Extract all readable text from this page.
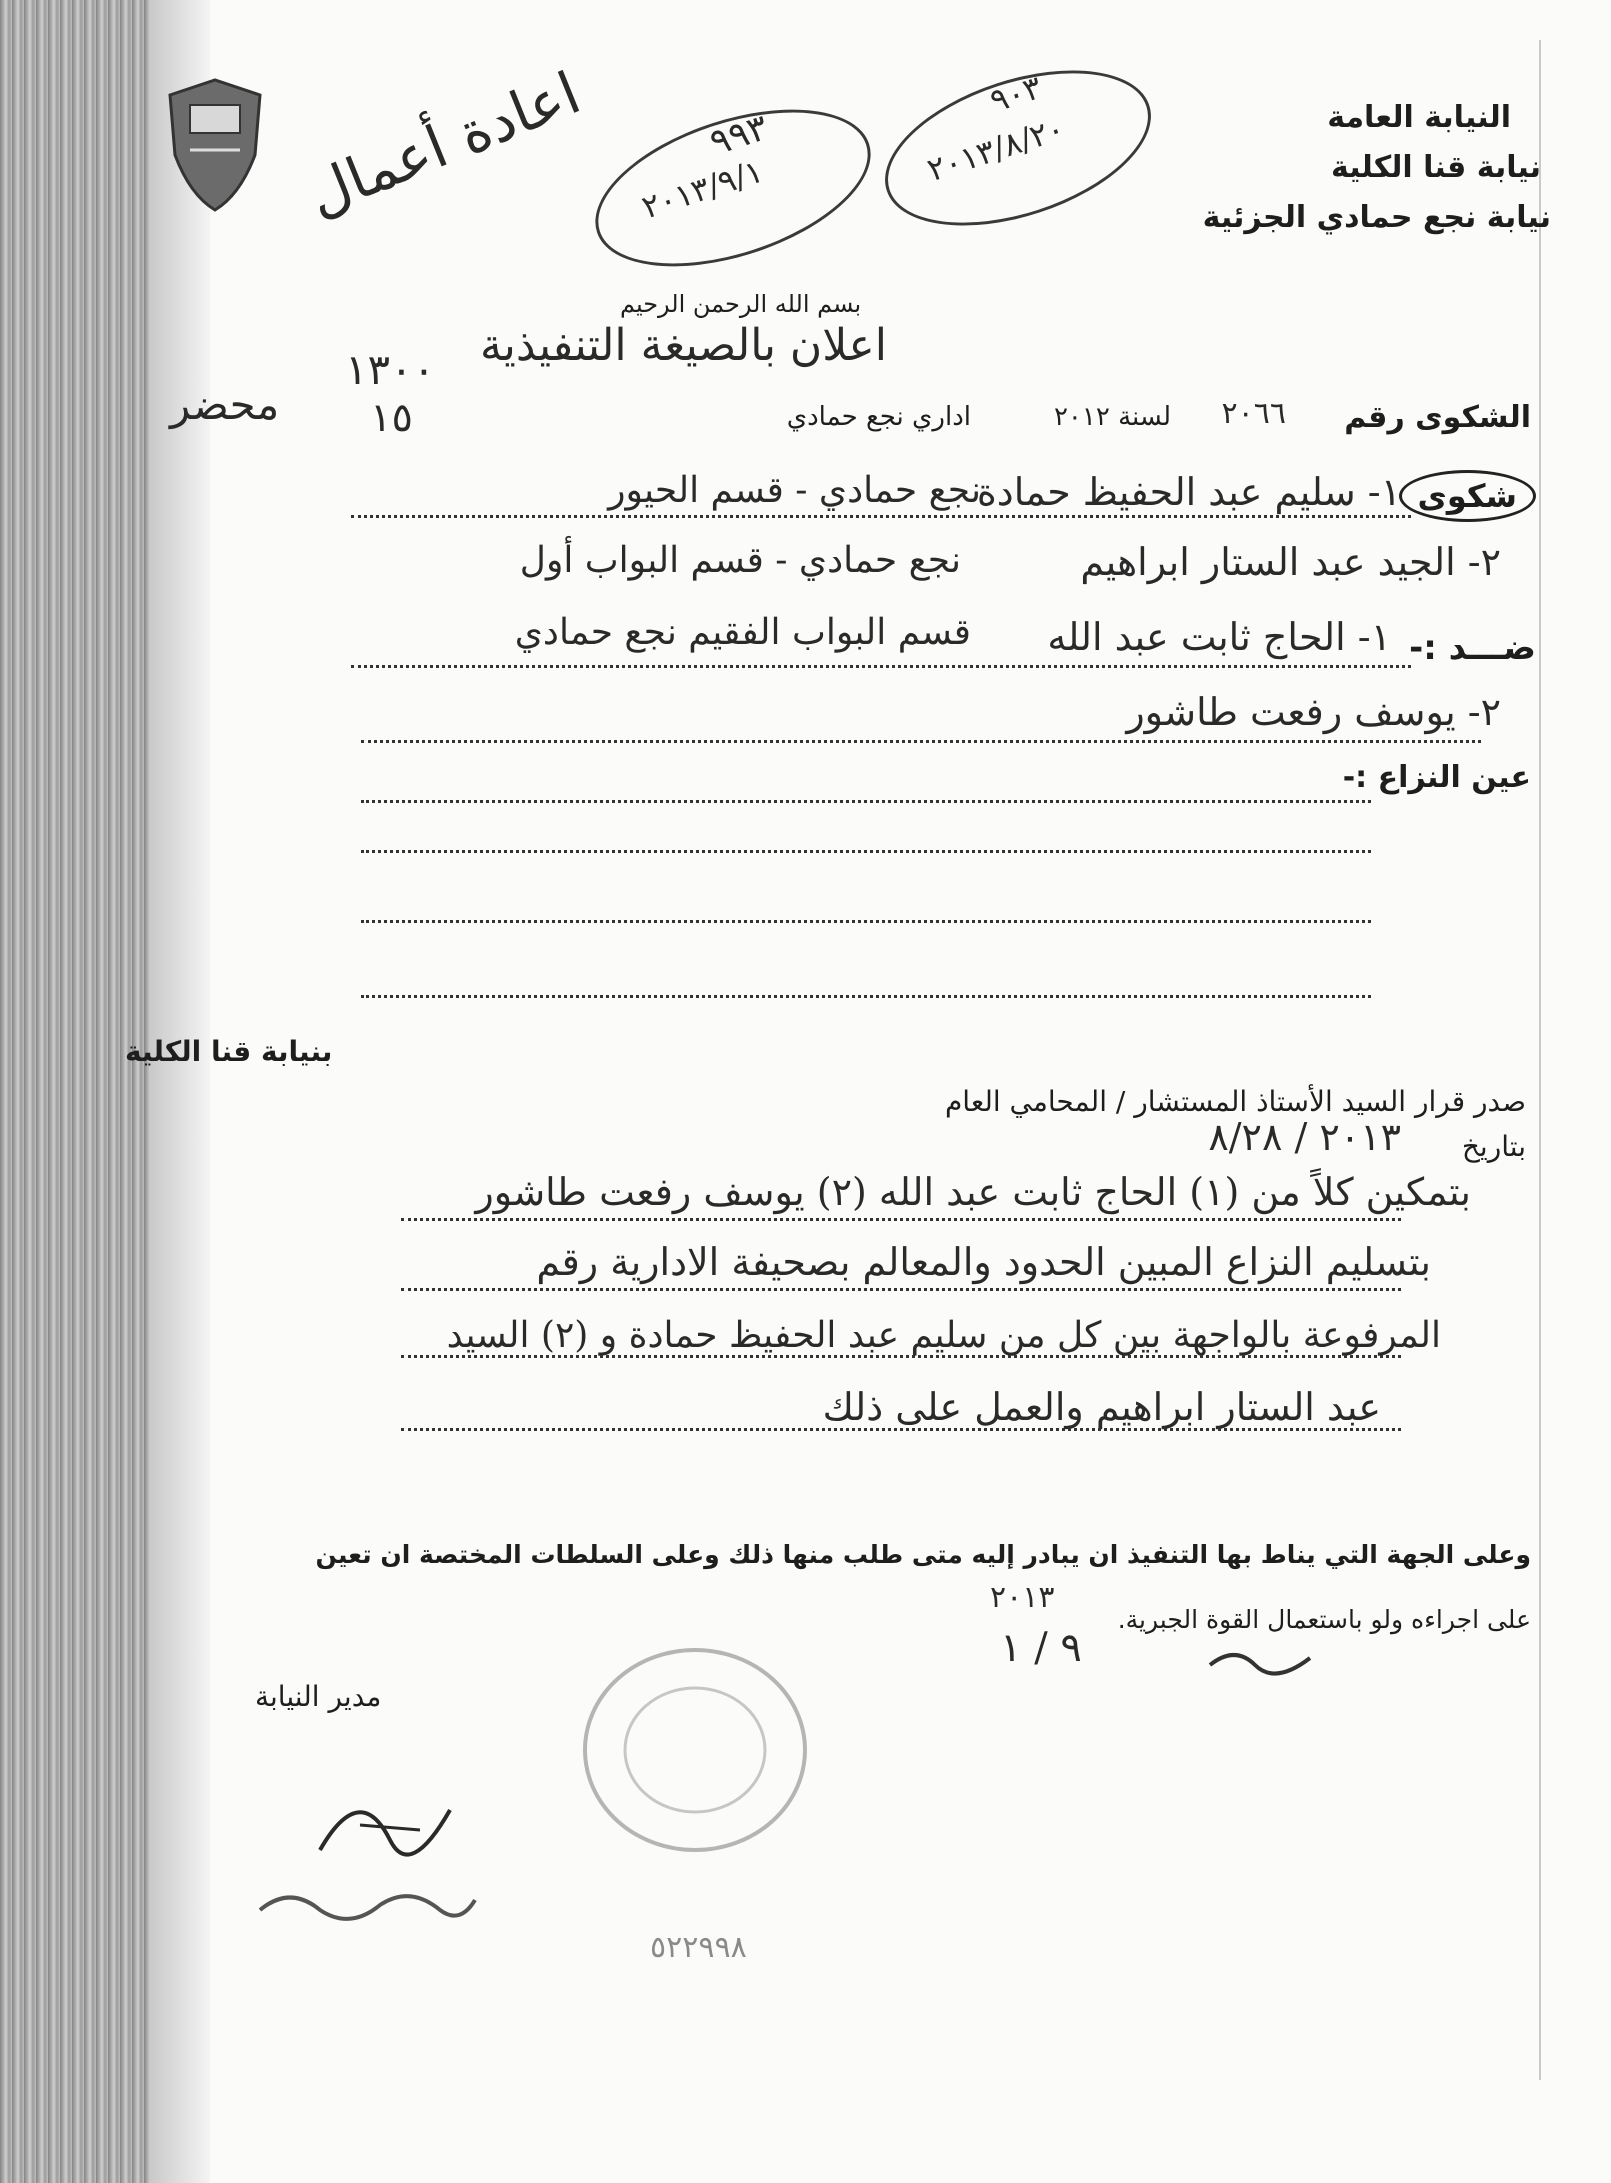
النيابة العامة
نيابة قنا الكلية
نيابة نجع حمادي الجزئية
٩٩٣
٢٠١٣/٩/١
٩٠٣
٢٠١٣/٨/٢٠
اعادة أعمال
بسم الله الرحمن الرحيم
اعلان بالصيغة التنفيذية
١٣٠٠
١٥
محضر	الشكوى رقم
٢٠٦٦
لسنة ٢٠١٢
اداري نجع حمادي
شكوى
١- سليم عبد الحفيظ حمادة
نجع حمادي - قسم الحيور
٢- الجيد عبد الستار ابراهيم
نجع حمادي - قسم البواب أول
ضـــد :-
١- الحاج ثابت عبد الله
قسم البواب الفقيم نجع حمادي
٢- يوسف رفعت طاشور
عين النزاع :-
صدر قرار السيد الأستاذ المستشار / المحامي العام
بنيابة قنا الكلية
بتاريخ
٢٠١٣ / ٨/٢٨
بتمكين كلاً من (١) الحاج ثابت عبد الله (٢) يوسف رفعت طاشور
بتسليم النزاع المبين الحدود والمعالم بصحيفة الادارية رقم
المرفوعة بالواجهة بين كل من سليم عبد الحفيظ حمادة و (٢) السيد
عبد الستار ابراهيم والعمل على ذلك
وعلى الجهة التي يناط بها التنفيذ ان يبادر إليه متى طلب منها ذلك وعلى السلطات المختصة ان تعين
على اجراءه ولو باستعمال القوة الجبرية.
٢٠١٣
٩ / ١
مدير النيابة
٥٢٢٩٩٨
